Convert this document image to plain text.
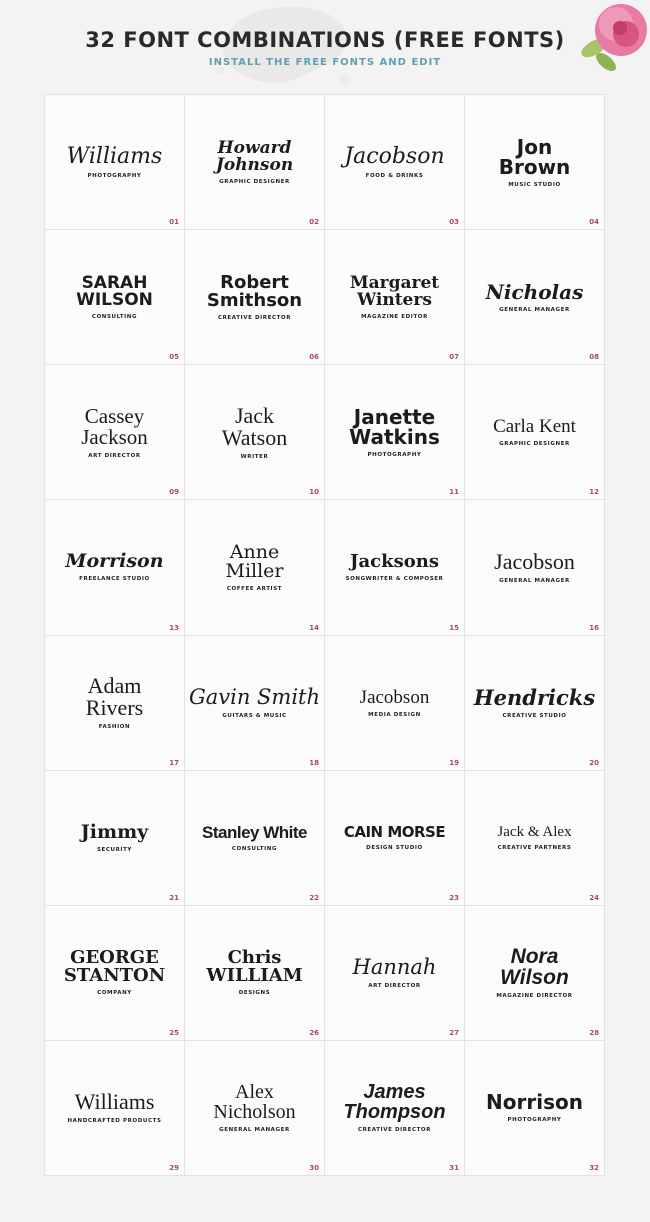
32 FONT COMBINATIONS (FREE FONTS)
INSTALL THE FREE FONTS AND EDIT
Williams
PHOTOGRAPHY
01
Howard
Johnson
GRAPHIC DESIGNER
02
Jacobson
FOOD & DRINKS
03
Jon
Brown
MUSIC STUDIO
04
SARAH
WILSON
CONSULTING
05
Robert
Smithson
CREATIVE DIRECTOR
06
Margaret
Winters
MAGAZINE EDITOR
07
Nicholas
GENERAL MANAGER
08
Cassey
Jackson
ART DIRECTOR
09
Jack
Watson
WRITER
10
Janette
Watkins
PHOTOGRAPHY
11
Carla Kent
GRAPHIC DESIGNER
12
Morrison
FREELANCE STUDIO
13
Anne
Miller
COFFEE ARTIST
14
Jacksons
SONGWRITER & COMPOSER
15
Jacobson
GENERAL MANAGER
16
Adam
Rivers
FASHION
17
Gavin Smith
GUITARS & MUSIC
18
Jacobson
MEDIA DESIGN
19
Hendricks
CREATIVE STUDIO
20
Jimmy
SECURITY
21
Stanley White
CONSULTING
22
CAIN MORSE
DESIGN STUDIO
23
Jack & Alex
CREATIVE PARTNERS
24
GEORGE
STANTON
COMPANY
25
Chris
WILLIAM
DESIGNS
26
Hannah
ART DIRECTOR
27
Nora
Wilson
MAGAZINE DIRECTOR
28
Williams
HANDCRAFTED PRODUCTS
29
Alex
Nicholson
GENERAL MANAGER
30
James
Thompson
CREATIVE DIRECTOR
31
Norrison
PHOTOGRAPHY
32
